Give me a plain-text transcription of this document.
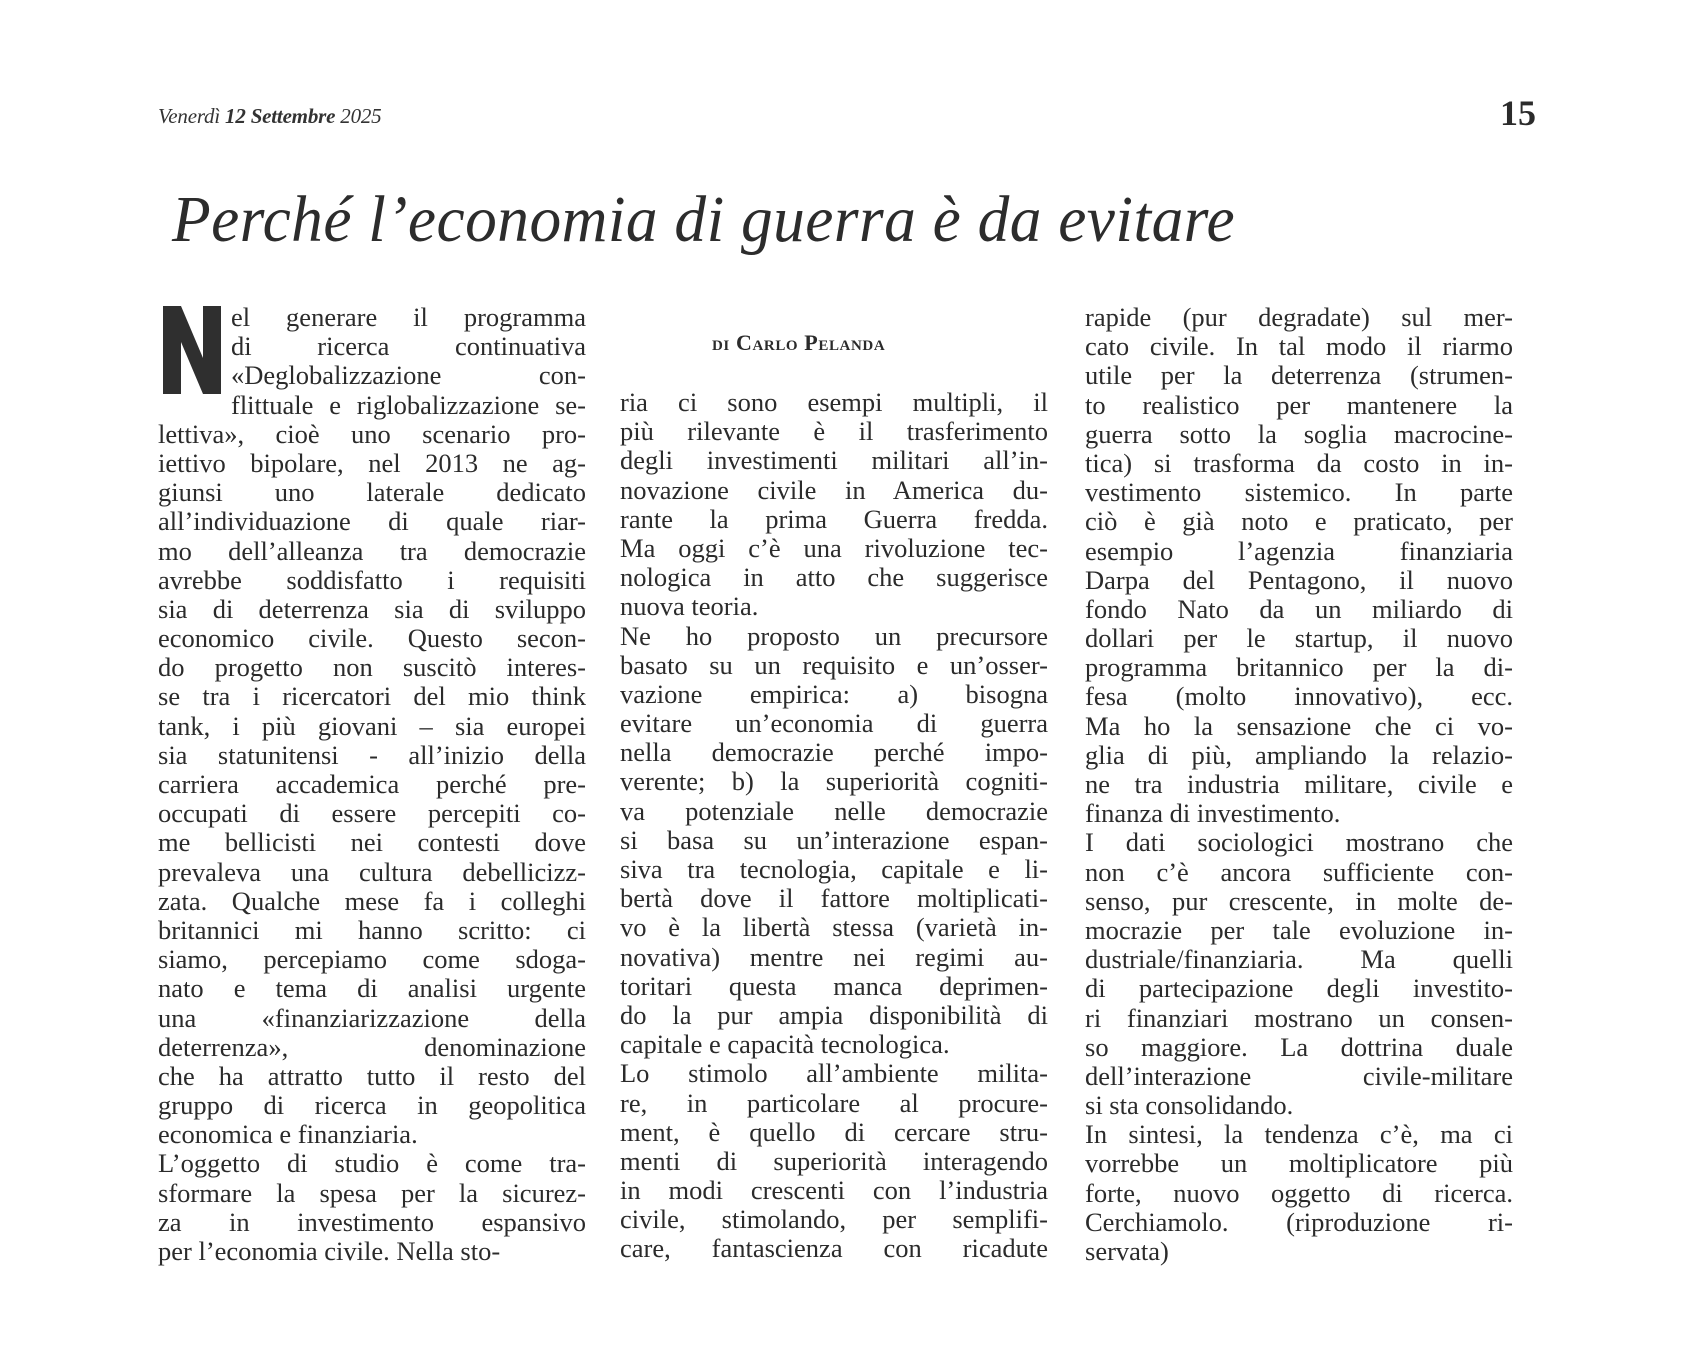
Venerdì 12 Settembre 2025	15
Perché l’economia di guerra è da evitare
di Carlo Pelanda
el generare il programma
di ricerca continuativa
«Deglobalizzazione con-
flittuale e riglobalizzazione se-
lettiva», cioè uno scenario pro-
iettivo bipolare, nel 2013 ne ag-
giunsi uno laterale dedicato
all’individuazione di quale riar-
mo dell’alleanza tra democrazie
avrebbe soddisfatto i requisiti
sia di deterrenza sia di sviluppo
economico civile. Questo secon-
do progetto non suscitò interes-
se tra i ricercatori del mio think
tank, i più giovani – sia europei
sia statunitensi - all’inizio della
carriera accademica perché pre-
occupati di essere percepiti co-
me bellicisti nei contesti dove
prevaleva una cultura debellicizz-
zata. Qualche mese fa i colleghi
britannici mi hanno scritto: ci
siamo, percepiamo come sdoga-
nato e tema di analisi urgente
una «finanziarizzazione della
deterrenza», denominazione
che ha attratto tutto il resto del
gruppo di ricerca in geopolitica
economica e finanziaria.
L’oggetto di studio è come tra-
sformare la spesa per la sicurez-
za in investimento espansivo
per l’economia civile. Nella sto-
ria ci sono esempi multipli, il
più rilevante è il trasferimento
degli investimenti militari all’in-
novazione civile in America du-
rante la prima Guerra fredda.
Ma oggi c’è una rivoluzione tec-
nologica in atto che suggerisce
nuova teoria.
Ne ho proposto un precursore
basato su un requisito e un’osser-
vazione empirica: a) bisogna
evitare un’economia di guerra
nella democrazie perché impo-
verente; b) la superiorità cogniti-
va potenziale nelle democrazie
si basa su un’interazione espan-
siva tra tecnologia, capitale e li-
bertà dove il fattore moltiplicati-
vo è la libertà stessa (varietà in-
novativa) mentre nei regimi au-
toritari questa manca deprimen-
do la pur ampia disponibilità di
capitale e capacità tecnologica.
Lo stimolo all’ambiente milita-
re, in particolare al procure-
ment, è quello di cercare stru-
menti di superiorità interagendo
in modi crescenti con l’industria
civile, stimolando, per semplifi-
care, fantascienza con ricadute
rapide (pur degradate) sul mer-
cato civile. In tal modo il riarmo
utile per la deterrenza (strumen-
to realistico per mantenere la
guerra sotto la soglia macrocine-
tica) si trasforma da costo in in-
vestimento sistemico. In parte
ciò è già noto e praticato, per
esempio l’agenzia finanziaria
Darpa del Pentagono, il nuovo
fondo Nato da un miliardo di
dollari per le startup, il nuovo
programma britannico per la di-
fesa (molto innovativo), ecc.
Ma ho la sensazione che ci vo-
glia di più, ampliando la relazio-
ne tra industria militare, civile e
finanza di investimento.
I dati sociologici mostrano che
non c’è ancora sufficiente con-
senso, pur crescente, in molte de-
mocrazie per tale evoluzione in-
dustriale/finanziaria. Ma quelli
di partecipazione degli investito-
ri finanziari mostrano un consen-
so maggiore. La dottrina duale
dell’interazione civile-militare
si sta consolidando.
In sintesi, la tendenza c’è, ma ci
vorrebbe un moltiplicatore più
forte, nuovo oggetto di ricerca.
Cerchiamolo. (riproduzione ri-
servata)
